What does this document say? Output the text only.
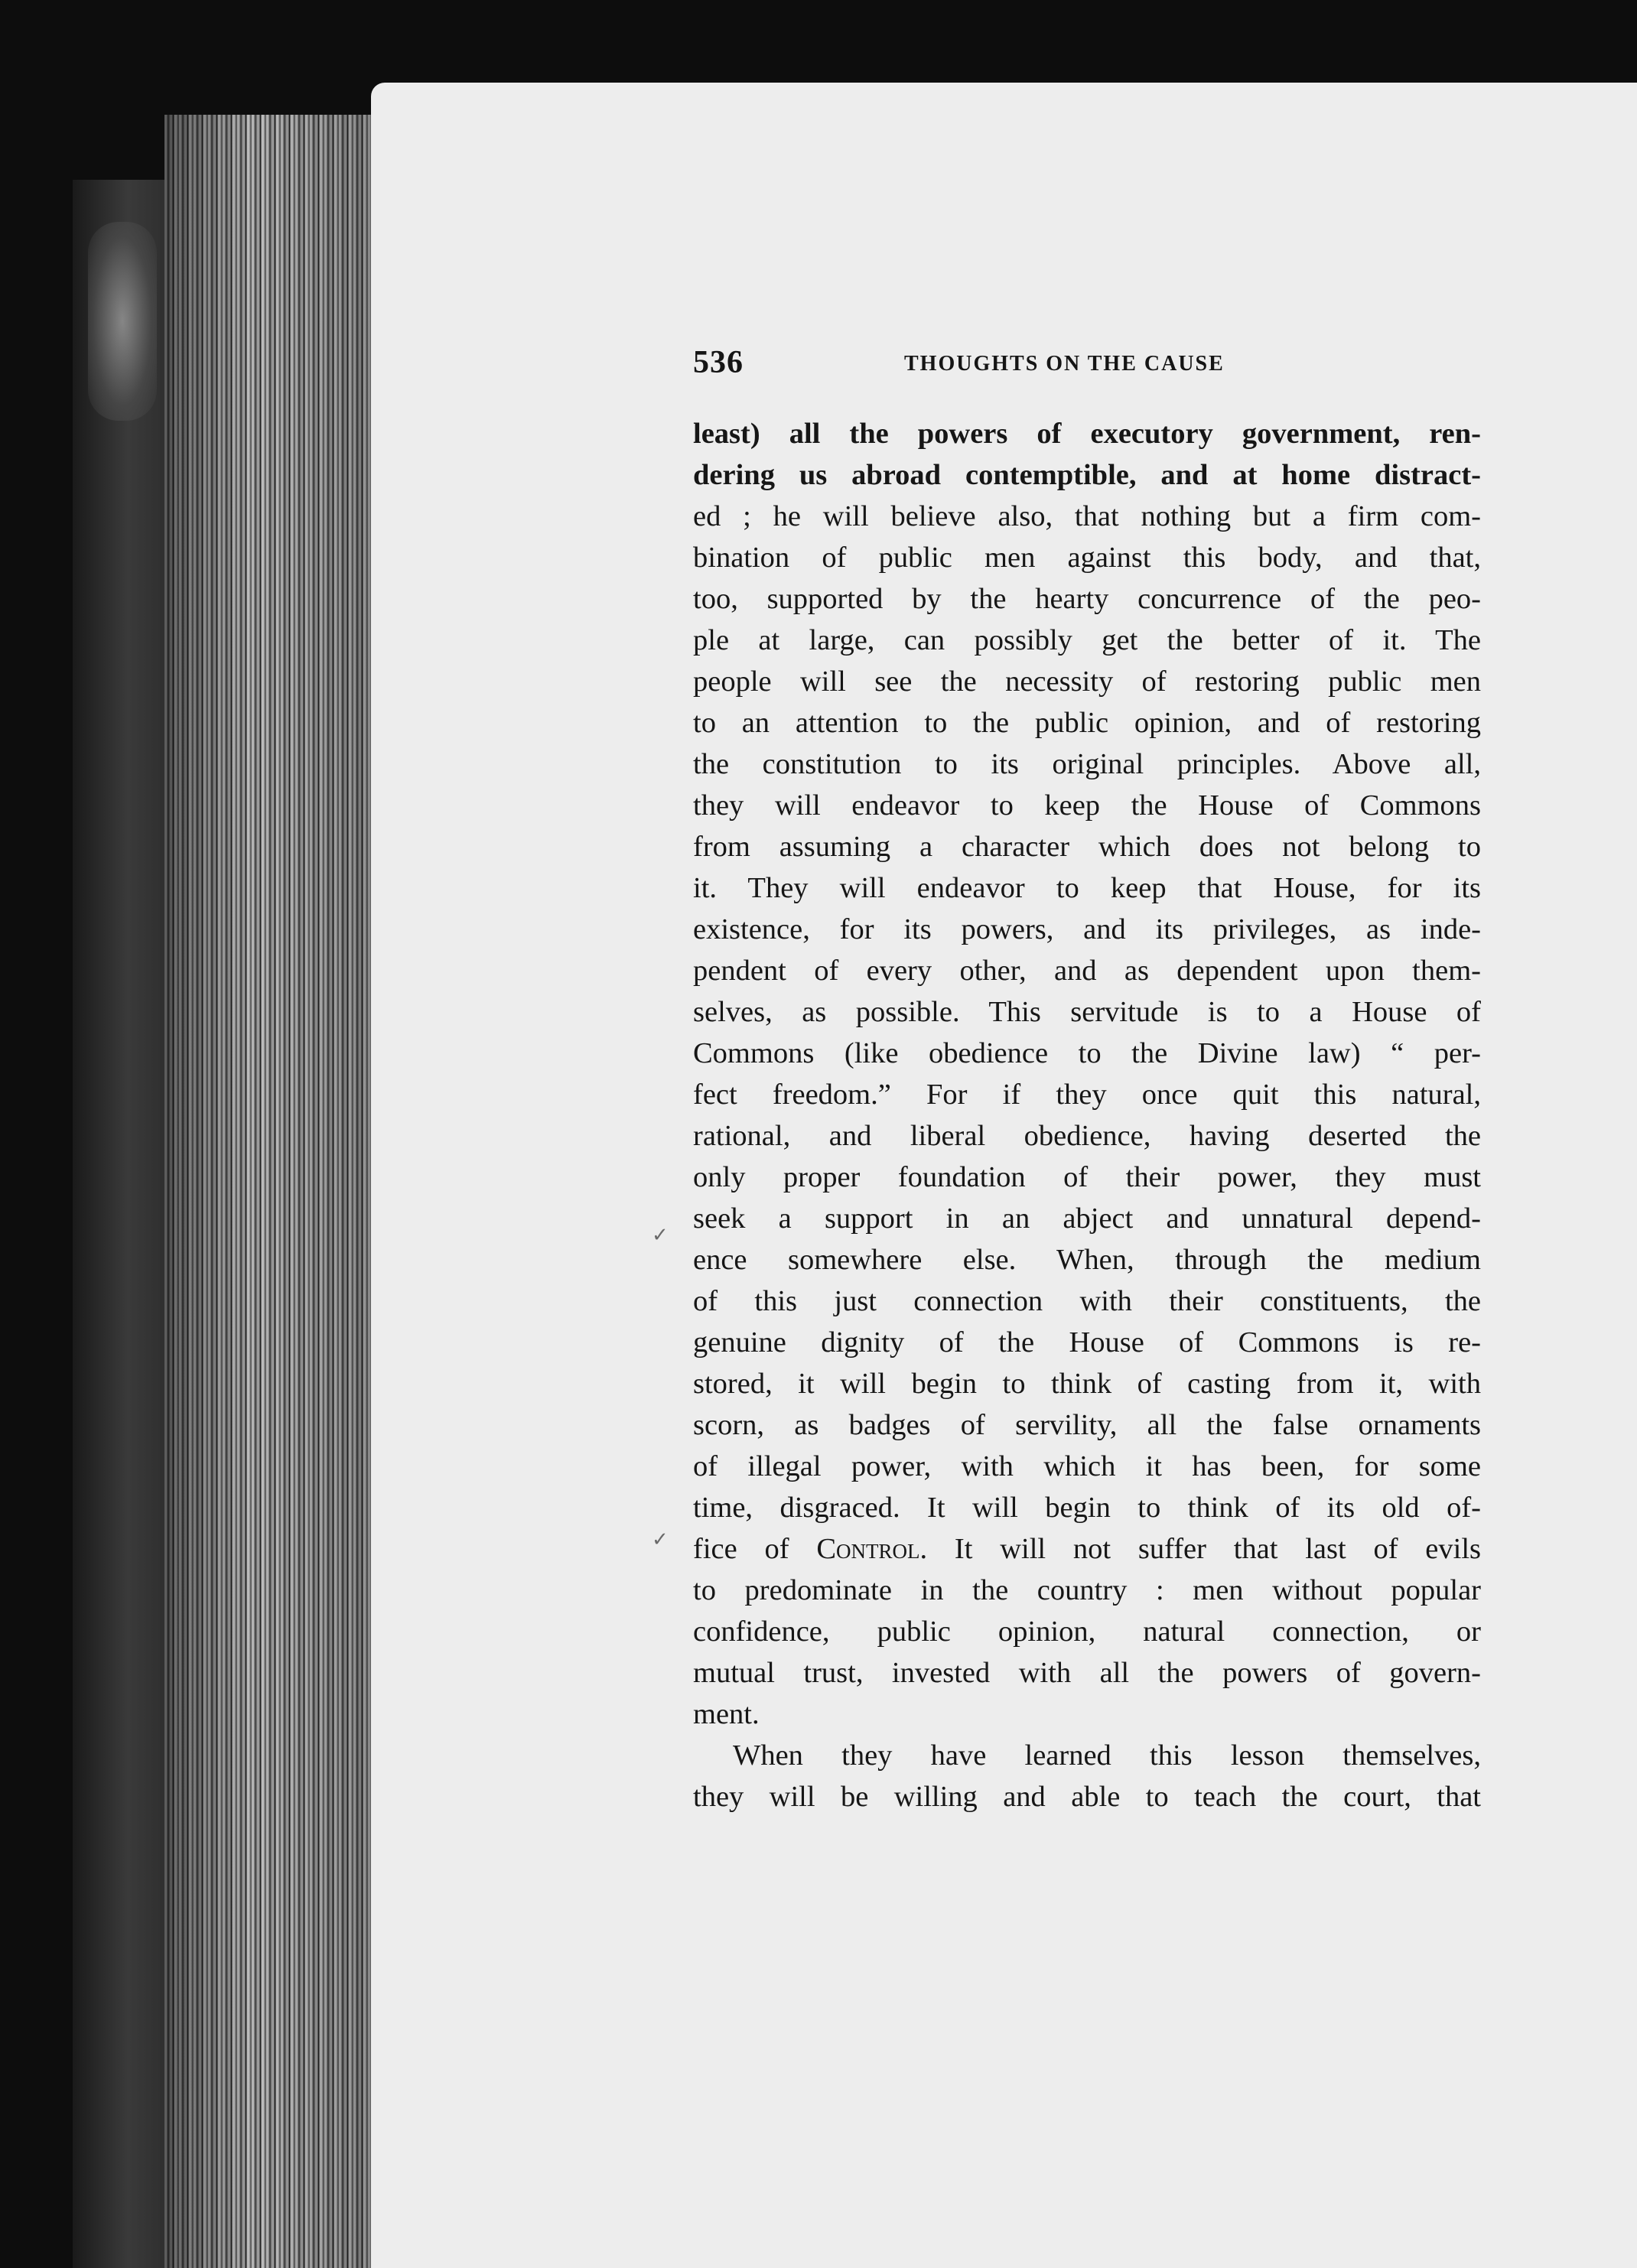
536	THOUGHTS ON THE CAUSE
least) all the powers of executory government, ren-
dering us abroad contemptible, and at home distract-
ed ; he will believe also, that nothing but a firm com-
bination of public men against this body, and that,
too, supported by the hearty concurrence of the peo-
ple at large, can possibly get the better of it. The
people will see the necessity of restoring public men
to an attention to the public opinion, and of restoring
the constitution to its original principles. Above all,
they will endeavor to keep the House of Commons
from assuming a character which does not belong to
it. They will endeavor to keep that House, for its
existence, for its powers, and its privileges, as inde-
pendent of every other, and as dependent upon them-
selves, as possible. This servitude is to a House of
Commons (like obedience to the Divine law) “ per-
fect freedom.” For if they once quit this natural,
rational, and liberal obedience, having deserted the
only proper foundation of their power, they must
seek a support in an abject and unnatural depend-
ence somewhere else. When, through the medium
of this just connection with their constituents, the
genuine dignity of the House of Commons is re-
stored, it will begin to think of casting from it, with
scorn, as badges of servility, all the false ornaments
of illegal power, with which it has been, for some
time, disgraced. It will begin to think of its old of-
fice of Control. It will not suffer that last of evils
to predominate in the country : men without popular
confidence, public opinion, natural connection, or
mutual trust, invested with all the powers of govern-
ment.
When they have learned this lesson themselves,
they will be willing and able to teach the court, that
✓
✓
